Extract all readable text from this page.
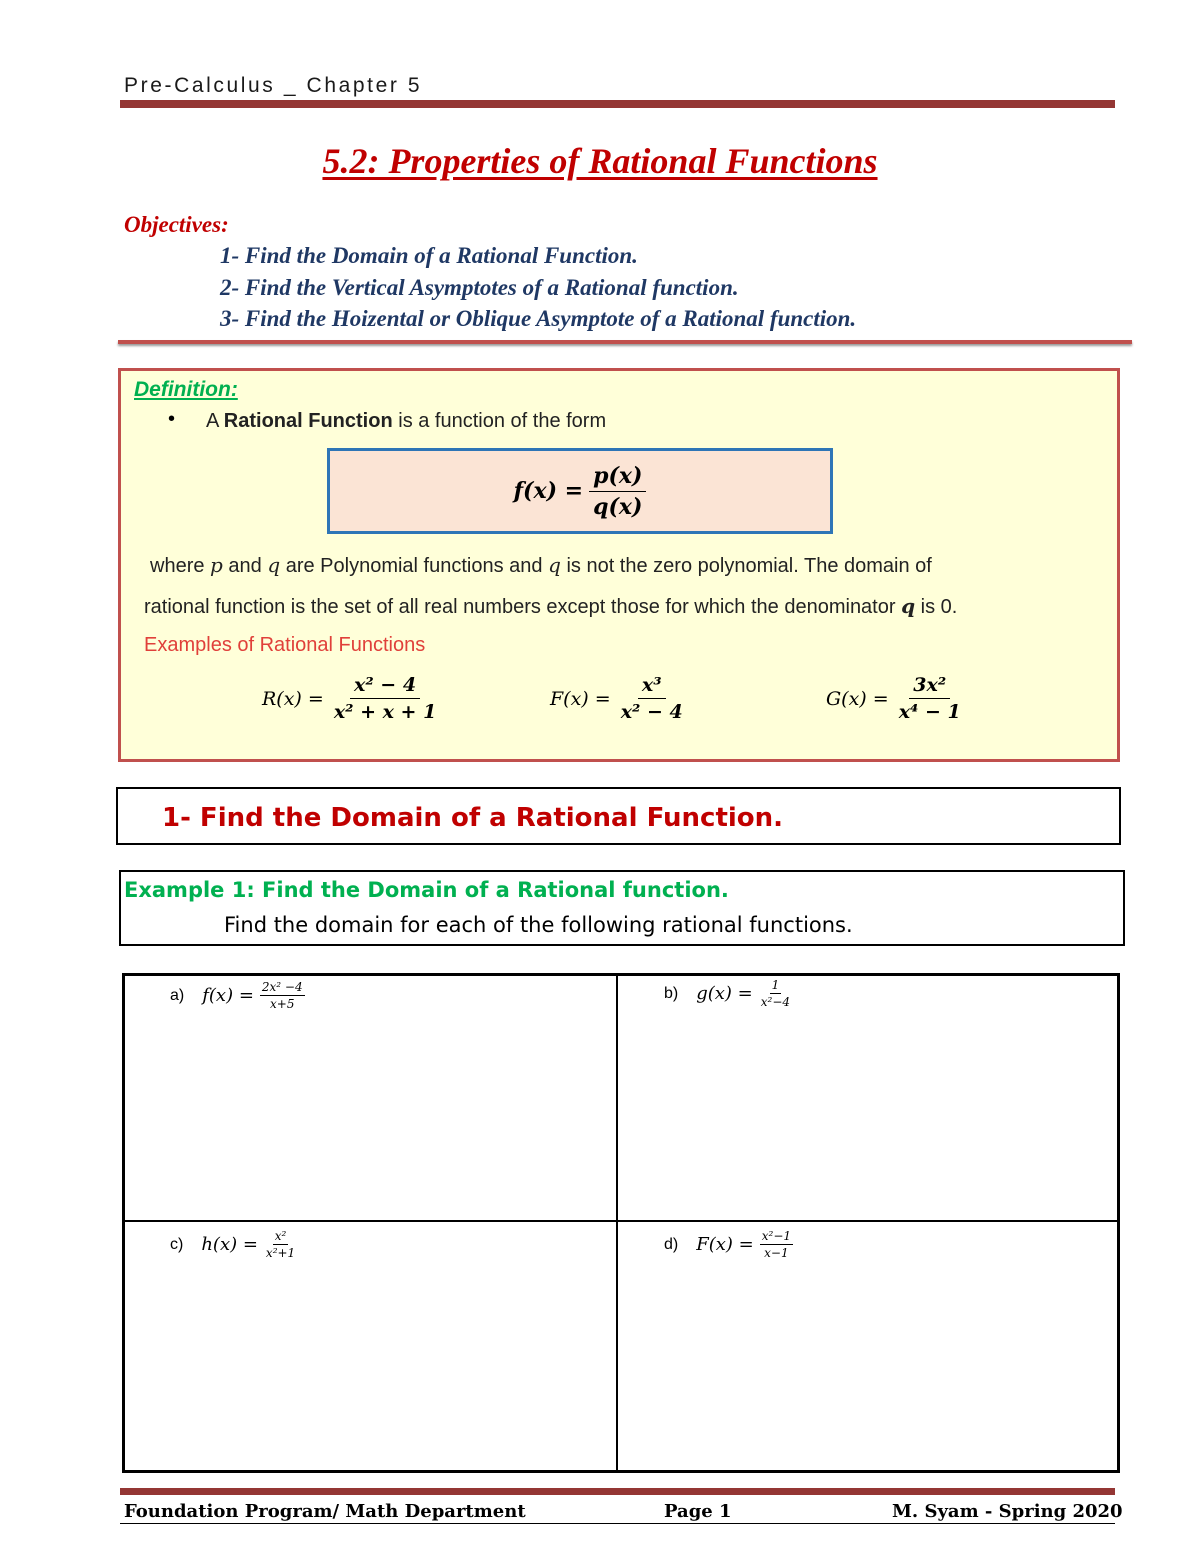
Pre-Calculus _ Chapter 5
5.2: Properties of Rational Functions
Objectives:
1- Find the Domain of a Rational Function.
2- Find the Vertical Asymptotes of a Rational function.
3- Find the Hoizental or Oblique Asymptote of a Rational function.
Definition:
• A Rational Function is a function of the form
$f(x) = \frac{p(x)}{q(x)}$
where p and q are Polynomial functions and q is not the zero polynomial. The domain of
rational function is the set of all real numbers except those for which the denominator q is 0.
Examples of Rational Functions
$R(x) = \frac{\text{x² − 4}}{\text{x² + x + 1}}$	$F(x) = \frac{\text{x³}}{\text{x² − 4}}$	$G(x) = \frac{\text{3x²}}{\text{x⁴ − 1}}$
1- Find the Domain of a Rational Function.
Example 1: Find the Domain of a Rational function.
Find the domain for each of the following rational functions.
a) $f(x) = \frac{\text{2x² −4}}{x+5}$	b) $g(x) = \frac{1}{\text{x²−4}}$
c) $h(x) = \frac{\text{x²}}{\text{x²+1}}$	d) $F(x) = \frac{\text{x²−1}}{x-1}$
Foundation Program/ Math Department	Page 1	M. Syam - Spring 2020
